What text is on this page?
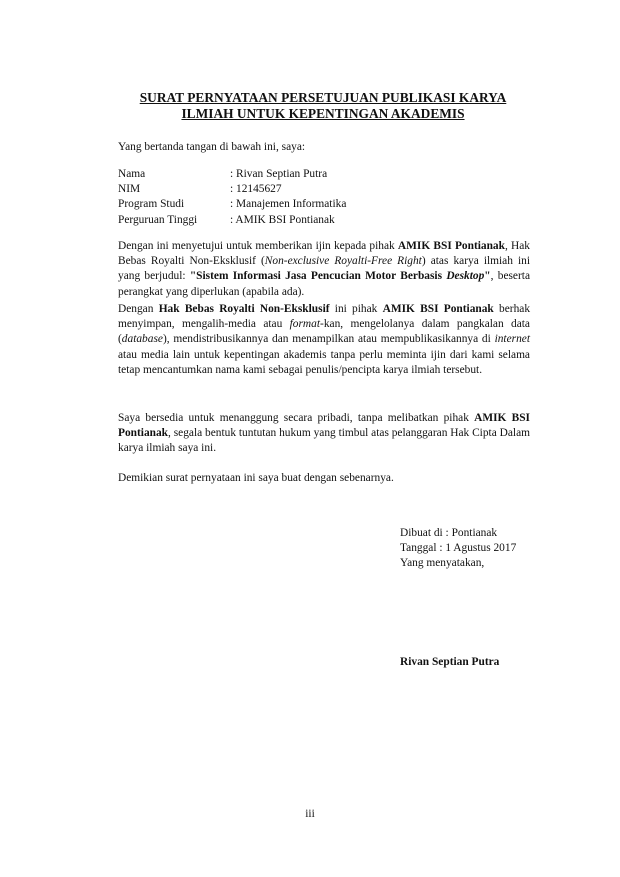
SURAT PERNYATAAN PERSETUJUAN PUBLIKASI KARYA
ILMIAH UNTUK KEPENTINGAN AKADEMIS
Yang bertanda tangan di bawah ini, saya:
Nama	: Rivan Septian Putra
NIM	: 12145627
Program Studi	: Manajemen Informatika
Perguruan Tinggi	: AMIK BSI Pontianak
Dengan ini menyetujui untuk memberikan ijin kepada pihak AMIK BSI Pontianak, Hak Bebas Royalti Non-Eksklusif (Non-exclusive Royalti-Free Right) atas karya ilmiah ini yang berjudul: "Sistem Informasi Jasa Pencucian Motor Berbasis Desktop", beserta perangkat yang diperlukan (apabila ada).
Dengan Hak Bebas Royalti Non-Eksklusif ini pihak AMIK BSI Pontianak berhak menyimpan, mengalih-media atau format-kan, mengelolanya dalam pangkalan data (database), mendistribusikannya dan menampilkan atau mempublikasikannya di internet atau media lain untuk kepentingan akademis tanpa perlu meminta ijin dari kami selama tetap mencantumkan nama kami sebagai penulis/pencipta karya ilmiah tersebut.
Saya bersedia untuk menanggung secara pribadi, tanpa melibatkan pihak AMIK BSI Pontianak, segala bentuk tuntutan hukum yang timbul atas pelanggaran Hak Cipta Dalam karya ilmiah saya ini.
Demikian surat pernyataan ini saya buat dengan sebenarnya.
Dibuat di : Pontianak
Tanggal : 1 Agustus 2017
Yang menyatakan,
Rivan Septian Putra
iii
